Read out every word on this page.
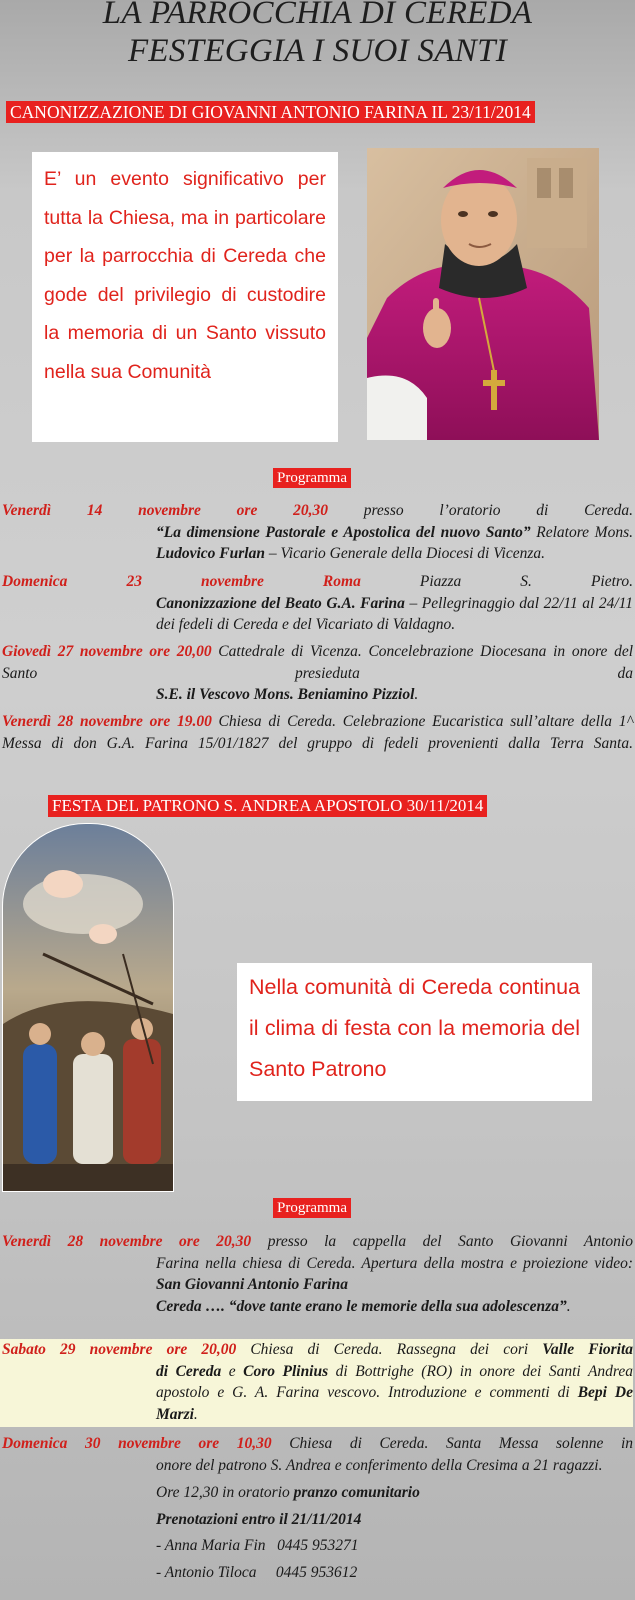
LA PARROCCHIA DI CEREDA
FESTEGGIA I SUOI SANTI
CANONIZZAZIONE DI GIOVANNI ANTONIO FARINA IL 23/11/2014
E’ un evento significativo per tutta la Chiesa, ma in particolare per la parrocchia di Cereda che gode del privilegio di custodire la memoria di un Santo vissuto nella sua Comunità
Programma
Venerdì 14 novembre ore 20,30 presso l’oratorio di Cereda.
“La dimensione Pastorale e Apostolica del nuovo Santo” Relatore Mons. Ludovico Furlan – Vicario Generale della Diocesi di Vicenza.
Domenica 23 novembre Roma	Piazza S. Pietro.
Canonizzazione del Beato G.A. Farina – Pellegrinaggio dal 22/11 al 24/11 dei fedeli di Cereda e del Vicariato di Valdagno.
Giovedì 27 novembre ore 20,00 Cattedrale di Vicenza. Concelebrazione Diocesana in onore del Santo presieduta da
S.E. il Vescovo Mons. Beniamino Pizziol.
Venerdì 28 novembre ore 19.00 Chiesa di Cereda. Celebrazione Eucaristica sull’altare della 1^ Messa di don G.A. Farina 15/01/1827 del gruppo di fedeli provenienti dalla Terra Santa.
FESTA DEL PATRONO S. ANDREA APOSTOLO 30/11/2014
Nella comunità di Cereda continua il clima di festa con la memoria del Santo Patrono
Programma
Venerdì 28 novembre ore 20,30 presso la cappella del Santo Giovanni Antonio
Farina nella chiesa di Cereda. Apertura della mostra e proiezione video: San Giovanni Antonio Farina
Cereda …. “dove tante erano le memorie della sua adolescenza”.
Sabato 29 novembre ore 20,00 Chiesa di Cereda. Rassegna dei cori Valle Fiorita
di Cereda e Coro Plinius di Bottrighe (RO) in onore dei Santi Andrea apostolo e G. A. Farina vescovo. Introduzione e commenti di Bepi De Marzi.
Domenica 30 novembre ore 10,30 Chiesa di Cereda. Santa Messa solenne in
onore del patrono S. Andrea e conferimento della Cresima a 21 ragazzi.
Ore 12,30 in oratorio pranzo comunitario
Prenotazioni entro il 21/11/2014
- Anna Maria Fin   0445 953271
- Antonio Tiloca     0445 953612
